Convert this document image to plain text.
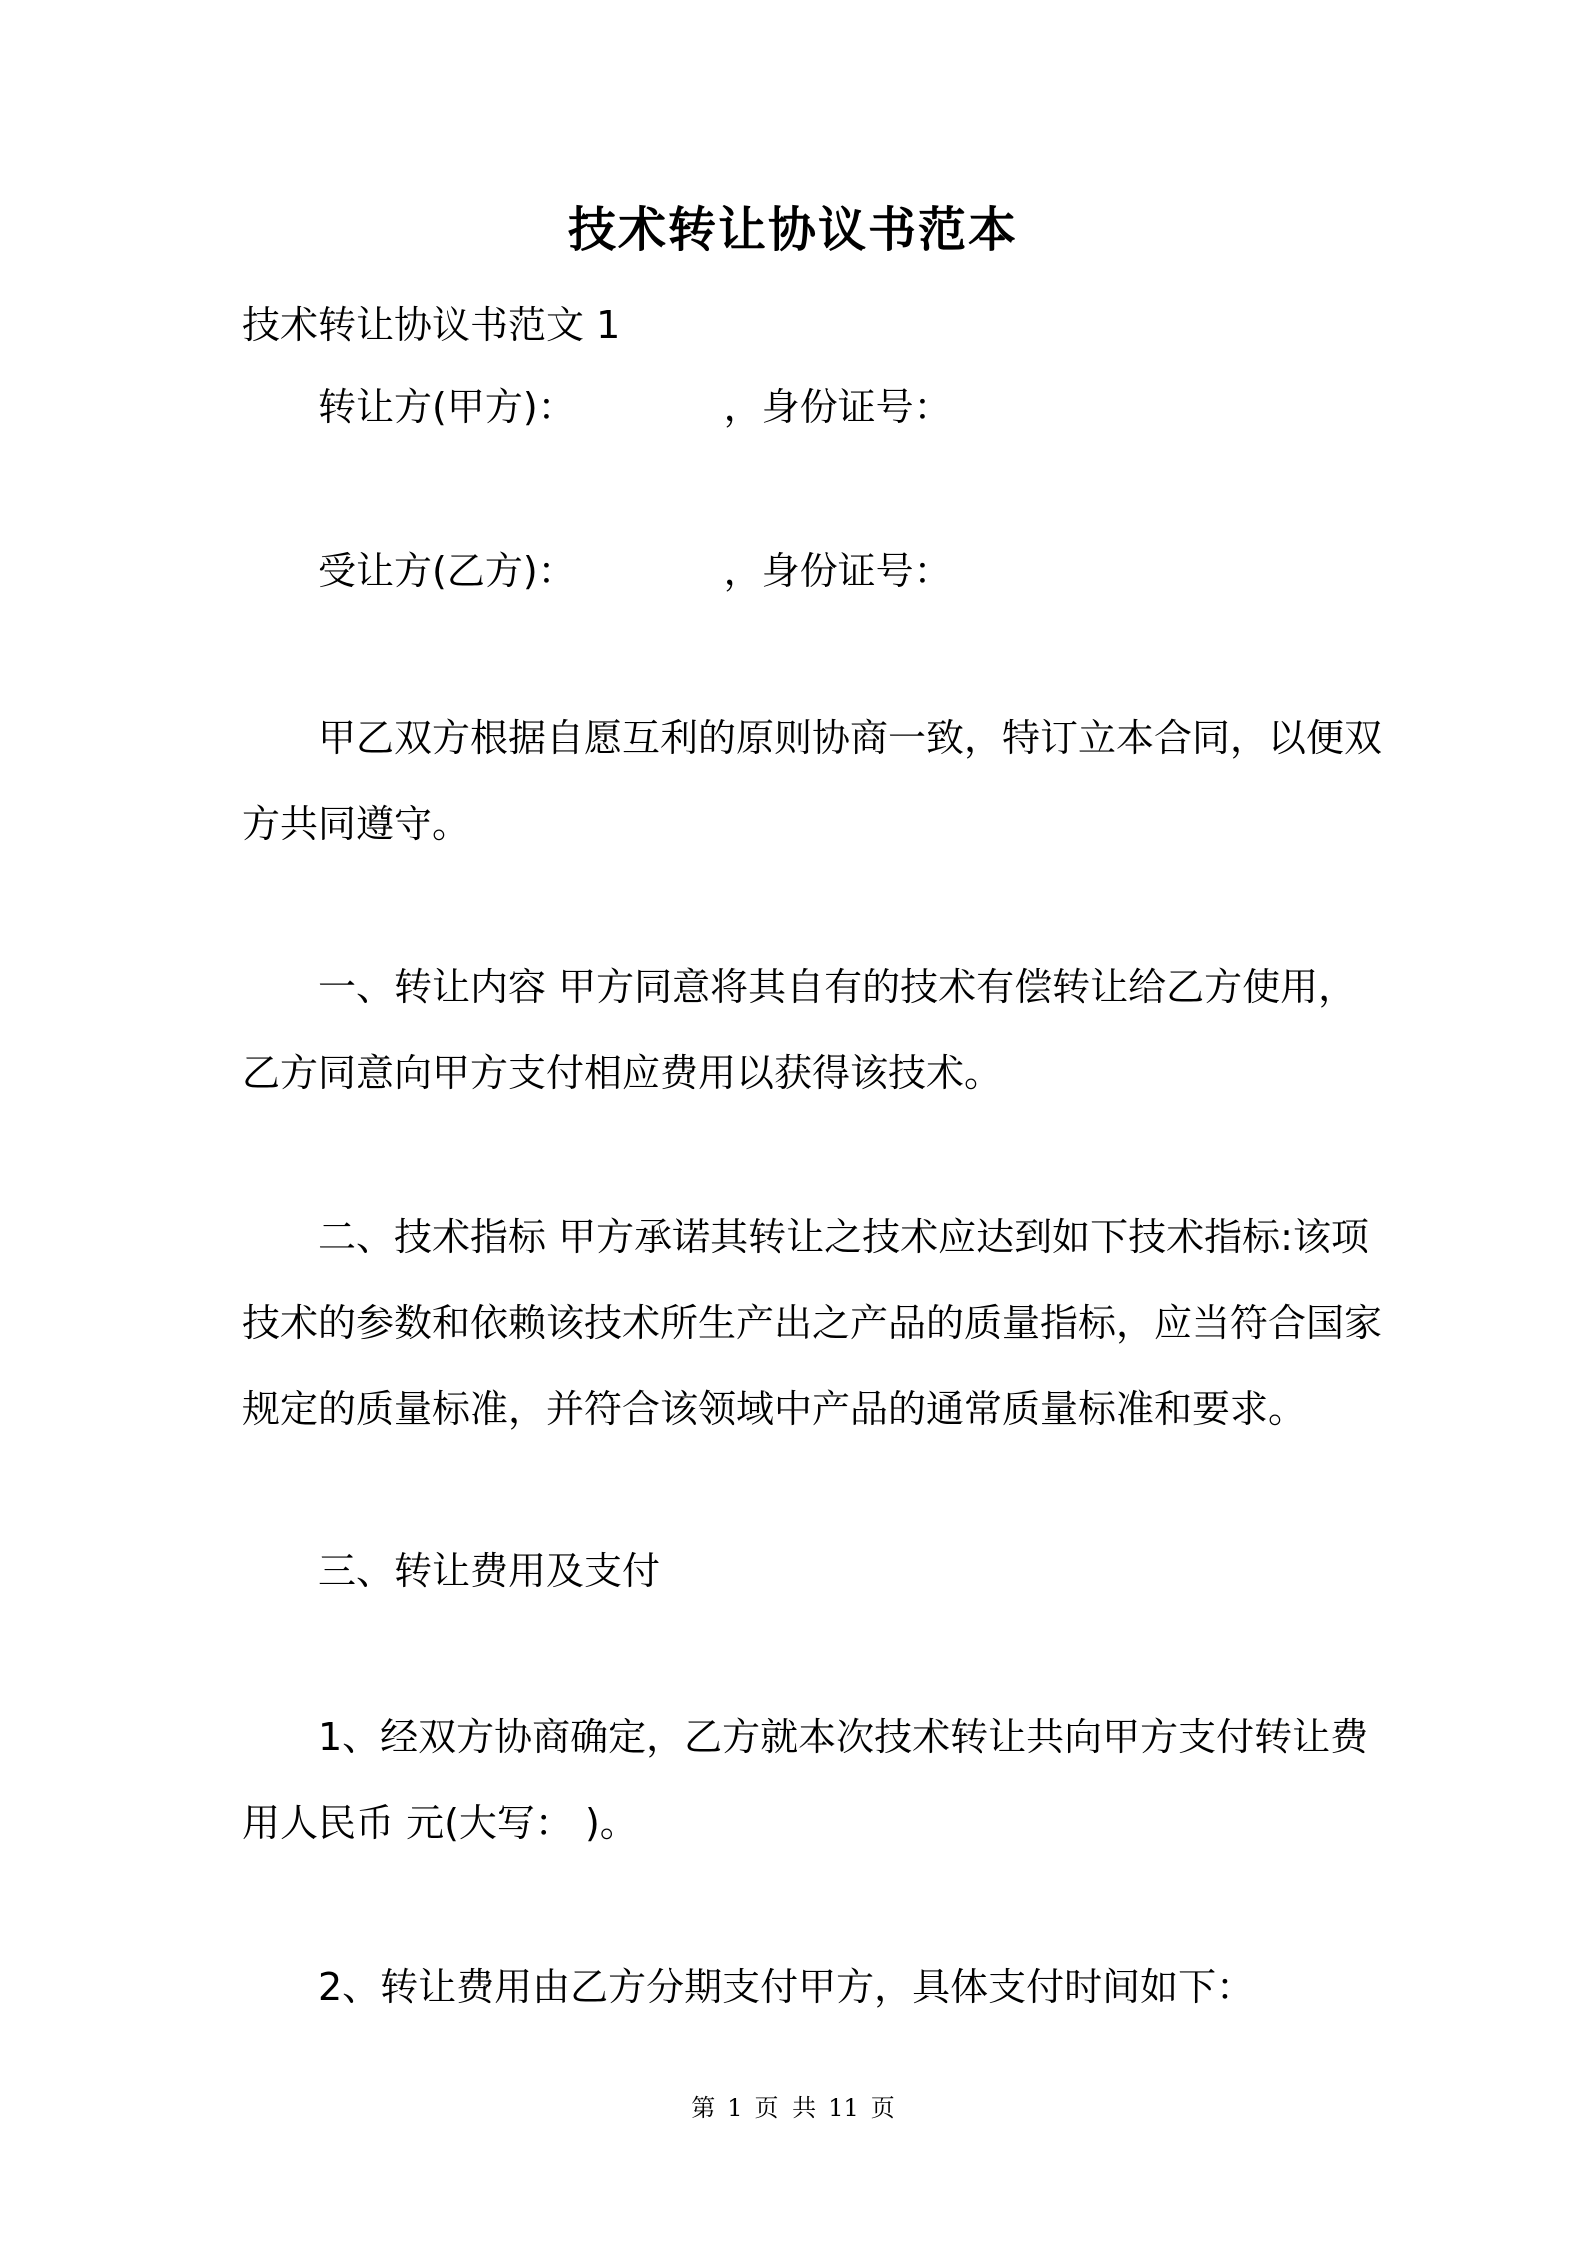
技术转让协议书范本
技术转让协议书范文 1
转让方(甲方)：	，身份证号：
受让方(乙方)：	，身份证号：
甲乙双方根据自愿互利的原则协商一致，特订立本合同，以便双
方共同遵守。
一、转让内容 甲方同意将其自有的技术有偿转让给乙方使用，
乙方同意向甲方支付相应费用以获得该技术。
二、技术指标 甲方承诺其转让之技术应达到如下技术指标:该项
技术的参数和依赖该技术所生产出之产品的质量指标，应当符合国家
规定的质量标准，并符合该领域中产品的通常质量标准和要求。
三、转让费用及支付
1、经双方协商确定，乙方就本次技术转让共向甲方支付转让费
用人民币 元(大写： )。
2、转让费用由乙方分期支付甲方，具体支付时间如下：
第 1 页 共 11 页
